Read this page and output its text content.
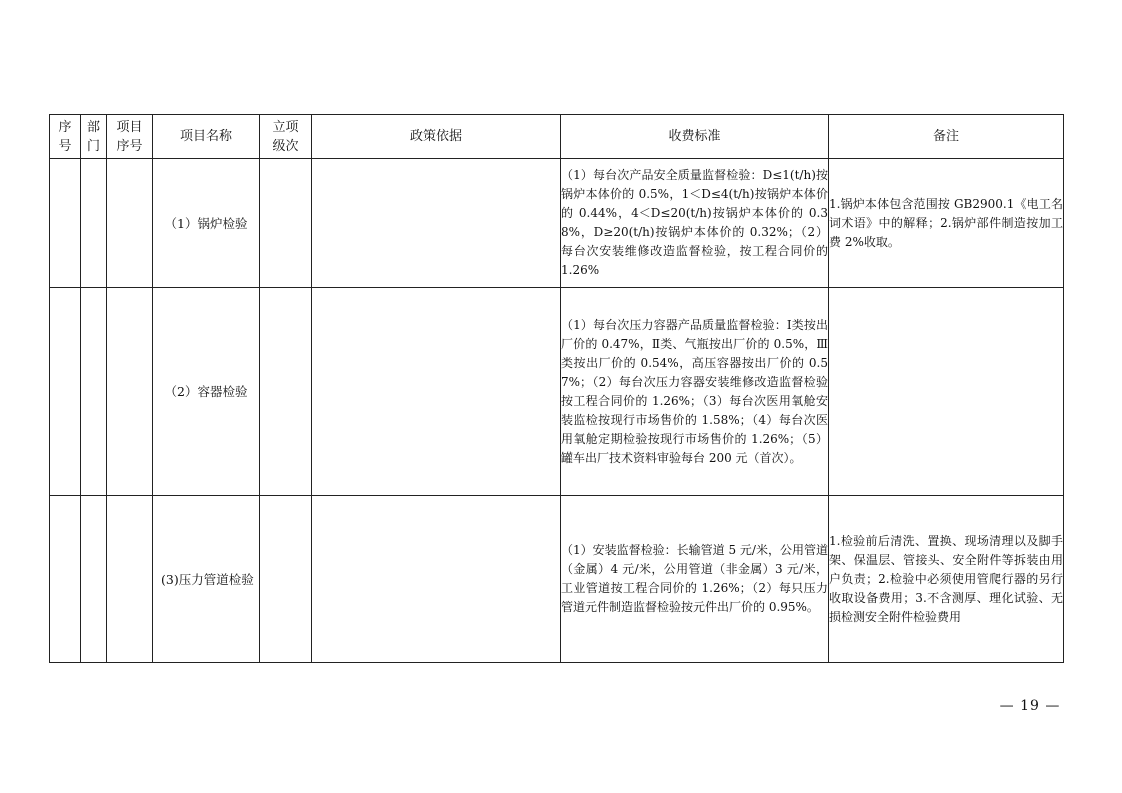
序号	部门	项目序号	项目名称	立项级次	政策依据	收费标准	备注
			（1）锅炉检验			（1）每台次产品安全质量监督检验：D≤1(t/h)按锅炉本体价的 0.5%，1＜D≤4(t/h)按锅炉本体价的 0.44%，4＜D≤20(t/h)按锅炉本体价的 0.38%，D≥20(t/h)按锅炉本体价的 0.32%；（2）每台次安装维修改造监督检验，按工程合同价的 1.26%	1.锅炉本体包含范围按 GB2900.1《电工名词术语》中的解释；2.锅炉部件制造按加工费 2%收取。
			（2）容器检验			（1）每台次压力容器产品质量监督检验：Ⅰ类按出厂价的 0.47%，Ⅱ类、气瓶按出厂价的 0.5%，Ⅲ类按出厂价的 0.54%，高压容器按出厂价的 0.57%；（2）每台次压力容器安装维修改造监督检验按工程合同价的 1.26%；（3）每台次医用氧舱安装监检按现行市场售价的 1.58%；（4）每台次医用氧舱定期检验按现行市场售价的 1.26%；（5）罐车出厂技术资料审验每台 200 元（首次）。	
			(3)压力管道检验			（1）安装监督检验：长输管道 5 元/米，公用管道（金属）4 元/米，公用管道（非金属）3 元/米，工业管道按工程合同价的 1.26%；（2）每只压力管道元件制造监督检验按元件出厂价的 0.95%。	1.检验前后清洗、置换、现场清理以及脚手架、保温层、管接头、安全附件等拆装由用户负责；2.检验中必须使用管爬行器的另行收取设备费用；3.不含测厚、理化试验、无损检测安全附件检验费用
— 19 —
